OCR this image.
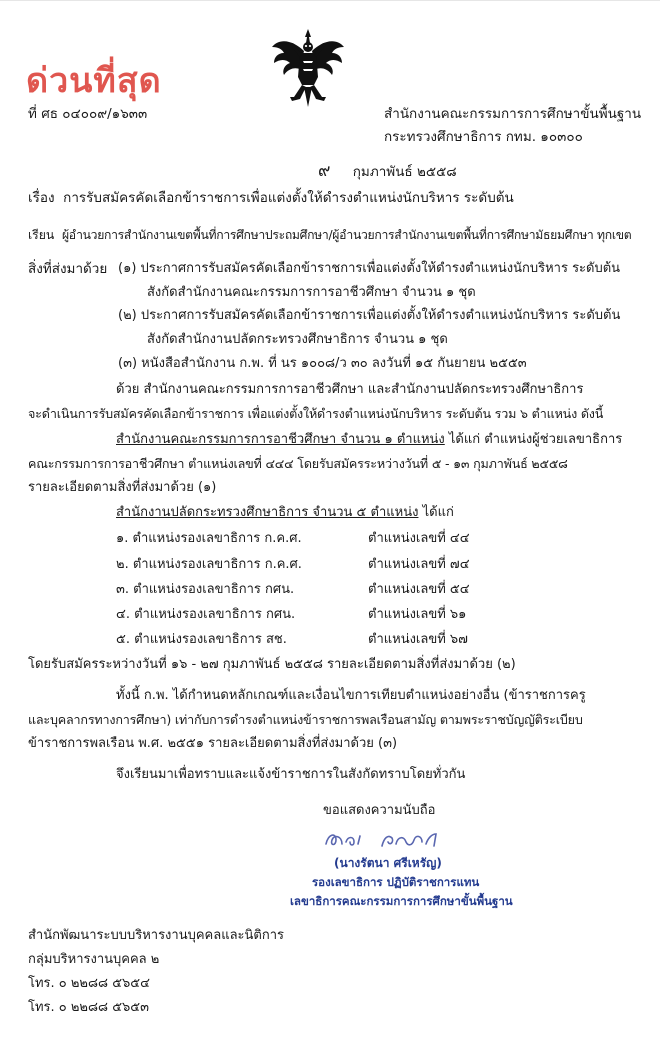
ด่วนที่สุด
ที่ ศธ ๐๔๐๐๙/๑๖๓๓	สำนักงานคณะกรรมการการศึกษาขั้นพื้นฐาน
กระทรวงศึกษาธิการ กทม. ๑๐๓๐๐
๙ กุมภาพันธ์ ๒๕๕๘
เรื่อง การรับสมัครคัดเลือกข้าราชการเพื่อแต่งตั้งให้ดำรงตำแหน่งนักบริหาร ระดับต้น
เรียน ผู้อำนวยการสำนักงานเขตพื้นที่การศึกษาประถมศึกษา/ผู้อำนวยการสำนักงานเขตพื้นที่การศึกษามัธยมศึกษา ทุกเขต
สิ่งที่ส่งมาด้วย (๑) ประกาศการรับสมัครคัดเลือกข้าราชการเพื่อแต่งตั้งให้ดำรงตำแหน่งนักบริหาร ระดับต้น
สังกัดสำนักงานคณะกรรมการการอาชีวศึกษา จำนวน ๑ ชุด
(๒) ประกาศการรับสมัครคัดเลือกข้าราชการเพื่อแต่งตั้งให้ดำรงตำแหน่งนักบริหาร ระดับต้น
สังกัดสำนักงานปลัดกระทรวงศึกษาธิการ จำนวน ๑ ชุด
(๓) หนังสือสำนักงาน ก.พ. ที่ นร ๑๐๐๘/ว ๓๐ ลงวันที่ ๑๕ กันยายน ๒๕๕๓
ด้วย สำนักงานคณะกรรมการการอาชีวศึกษา และสำนักงานปลัดกระทรวงศึกษาธิการ
จะดำเนินการรับสมัครคัดเลือกข้าราชการ เพื่อแต่งตั้งให้ดำรงตำแหน่งนักบริหาร ระดับต้น รวม ๖ ตำแหน่ง ดังนี้
สำนักงานคณะกรรมการการอาชีวศึกษา จำนวน ๑ ตำแหน่ง ได้แก่ ตำแหน่งผู้ช่วยเลขาธิการ
คณะกรรมการการอาชีวศึกษา ตำแหน่งเลขที่ ๔๔๔ โดยรับสมัครระหว่างวันที่ ๕ - ๑๓ กุมภาพันธ์ ๒๕๕๘
รายละเอียดตามสิ่งที่ส่งมาด้วย (๑)
สำนักงานปลัดกระทรวงศึกษาธิการ จำนวน ๕ ตำแหน่ง ได้แก่
๑. ตำแหน่งรองเลขาธิการ ก.ค.ศ.	ตำแหน่งเลขที่ ๔๔
๒. ตำแหน่งรองเลขาธิการ ก.ค.ศ.	ตำแหน่งเลขที่ ๗๔
๓. ตำแหน่งรองเลขาธิการ กศน.	ตำแหน่งเลขที่ ๕๔
๔. ตำแหน่งรองเลขาธิการ กศน.	ตำแหน่งเลขที่ ๖๑
๕. ตำแหน่งรองเลขาธิการ สช.	ตำแหน่งเลขที่ ๖๗
โดยรับสมัครระหว่างวันที่ ๑๖ - ๒๗ กุมภาพันธ์ ๒๕๕๘ รายละเอียดตามสิ่งที่ส่งมาด้วย (๒)
ทั้งนี้ ก.พ. ได้กำหนดหลักเกณฑ์และเงื่อนไขการเทียบตำแหน่งอย่างอื่น (ข้าราชการครู
และบุคลากรทางการศึกษา) เท่ากับการดำรงตำแหน่งข้าราชการพลเรือนสามัญ ตามพระราชบัญญัติระเบียบ
ข้าราชการพลเรือน พ.ศ. ๒๕๕๑ รายละเอียดตามสิ่งที่ส่งมาด้วย (๓)
จึงเรียนมาเพื่อทราบและแจ้งข้าราชการในสังกัดทราบโดยทั่วกัน
ขอแสดงความนับถือ
(นางรัตนา ศรีเหรัญ)
รองเลขาธิการ ปฏิบัติราชการแทน
เลขาธิการคณะกรรมการการศึกษาขั้นพื้นฐาน
สำนักพัฒนาระบบบริหารงานบุคคลและนิติการ
กลุ่มบริหารงานบุคคล ๒
โทร. ๐ ๒๒๘๘ ๕๖๕๔
โทร. ๐ ๒๒๘๘ ๕๖๕๓
